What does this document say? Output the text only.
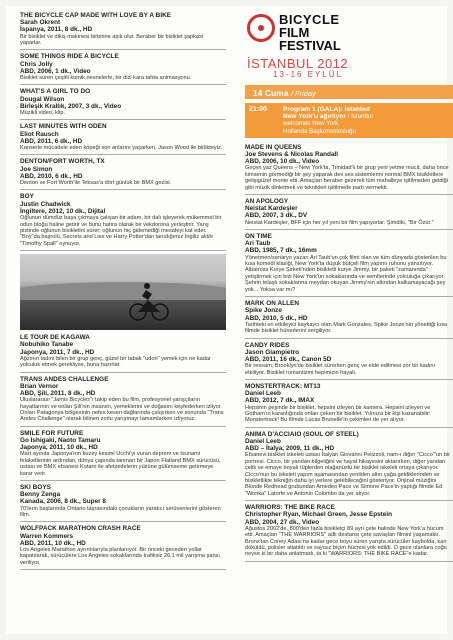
THE BICYCLE CAP MADE WITH LOVE BY A BIKE
Sarah Okrent
İspanya, 2011, 8 dk., HD
Bir bisiklet ve dikiş makinesi birbirine aşık olur. Beraber bir bisiklet şapkası yaparlar.
SOME THINGS RIDE A BICYCLE
Chris Jolly
ABD, 2006, 1 dk., Video
Bisiklet süren çeşitli komik nesnelerle, bir dizi kara tahta animasyonu.
WHAT'S A GIRL TO DO
Dougal Wilson
Birleşik Krallık, 2007, 3 dk., Video
Müzikli video, klip.
LAST MINUTES WITH ODEN
Eliot Rausch
ABD, 2011, 6 dk., HD
Kanserle mücadele eden köpeği son anlarını yaşarken, Jason Wood ile birlikteyiz.
DENTON/FORT WORTH, TX
Joe Simon
ABD, 2010, 6 dk., HD
Denton ve Fort Worth'ile Teksas'a dört günlük bir BMX gezisi.
BOY
Justin Chadwick
İngiltere, 2012, 10 dk., Dijital
Oğlunun dümdüz başa çıkmaya çalışan bir adam, bir dalı işleyerek mükemmel bir odun bloğu haline getirir ve bunu hatıra olarak bir vekdorona yerleştirir. Yarış pistinde oğlunun bisikletini sürer; oğlunun hiç gidemediği mesafeyi kat eder. "Boy"da başrolü, Secrets and Lies ve Harry Potter'dan tanıdığımız İngiliz aktör "Timothy Spall" oynuyor.
LE TOUR DE KAGAWA
Nobuhiko Tanabe
Japonya, 2011, 7 dk., HD
Ağzının tadını bilen bir grup genç, güzel bir tabak "udon" yemek için ne kadar yolculuk etmek gerekliyse, buna hazırlar.
TRANS ANDES CHALLENGE
Brian Vernor
ABD, Şili, 2011, 8 dk., HD
Uluslararası "Jamis Bicycles"ı takip eden bu film, profesyonel yarışçıların hayatlarının ve onları Şili'nin insanını, yemeklerini ve doğasını keşfederken izliyor. Onları Patagonya bölgesinin nefes kesen dağlarında çalışırken ve sonunda "Trans Andes Challenge" olarak bilinen zorlu yarışmayı tamamlarken izliyoruz.
SMILE FOR FUTURE
Go Ishigaki, Naoto Tamaru
Japonya, 2011, 10 dk., HD
Mart ayında Japonya'nın kuzey kesimi Ucchi'yi vuran deprem ve tsunami felaketlerinin ardından, dünya çapında tanınan bir Japon Flatland BMX sürücüsü, ustası ve BMX efsanesi Kotaro ile afetzedelerin yüzüne gülümseme getirmeye karar verir.
SKI BOYS
Benny Zenga
Kanada, 2006, 8 dk., Super 8
70'lerin başlarında Ontario taşrasındaki çocukların yaratıcı serüvenlerini gösteren film.
WOLFPACK MARATHON CRASH RACE
Warren Kommers
ABD, 2011, 10 dk., HD
Los Angeles Marathon ayrıntılarıyla planlanıyor. Bir önceki geceden yollar kapatılarak, sürücülere Los Angeles sokaklarında trafiksiz 26.1 mil yarışma şansı veriliyor.
BICYCLE
FILM
FESTIVAL
İSTANBUL 2012
13-16 EYLÜL
14 Cuma / Friday
21:00	Program 1 (GALA): İstanbul
New York'u ağırlıyor / Istanbul
welcomes New York
Hollanda Başkonsolosluğu
MADE IN QUEENS
Joe Stevens & Nicolas Randall
ABD, 2006, 10 dk., Video
Geçen yaz Queens – New York'ta, Trinidad'lı bir grup yeni yetme mucit, daha önce kimsenin görmediği bir şey yaparak dev ses sistemlerini normal BMX bisikletlere gelişigüzel monte etti. Amaçları beraber gezerek tüm mahalleye işitilmeden geldiği gibi müzik dinletmek ve teknikleri işitilmede parti vermekti.
AN APOLOGY
Neistat Kardeşler
ABD, 2007, 3 dk., DV
Neistat Kardeşler, BFF için her yıl yeni bir film yapıyorlar. Şimdiki, "Bir Özür."
ON TIME
Ari Taub
ABD, 1985, 7 dk., 16mm
Yönetmen/senaryo yazarı Ari Taub'un çok filmi olan ve tüm dünyada gösterilen bu kısa komedi klasiği, New York'ta düşük bütçeli film yapımı ruhunu yansıtıyor. Albatross Kurye Şirketi'nden bisikletli kurye Jimmy, bir paketi "zamanında" yetiştirmek için bizi New York'un sokaklarında ve semtlerinde yolculuğa çıkarıyor. Şehrin telaşlı sokaklarına meydan okuyan Jimmy'nin altından kalkamayacağı şey yok... Yoksa var mı?
MARK ON ALLEN
Spike Jonze
ABD, 2010, 5 dk., HD
Tarihteki en etkileyici kaykaycı olan Mark Gonzales, Spike Jonze'nin yönettiği kısa filmde bisiklet hünerlerini sergiliyor.
CANDY RIDES
Jason Giampietro
ABD, 2011, 16 dk., Canon 5D
Bir ressam, Brooklyn'de bisiklet sürerken genç ve elde edilmesi zor bir kadını etkiliyor. Bisiklet romantizmi hepimizin hayali.
MONSTERTRACK: MT13
Daniel Leeb
ABD, 2012, 7 dk., IMAX
Hepsinin peşinde bir bisiklet, hepsini izleyen bir kamera. Hepsini izleyen ve Gotham'ın karanlığında onları çeken bir bisiklet. Yılınıza bir kişi kazanabilir: Monstertrack! Bu filmde Lucas Brunelle'in çekimleri de yer alıyor.
ANIMA D'ACCIAIO (SOUL OF STEEL)
Daniel Leeb
ABD – İtalya, 2009, 11 dk., HD
Efsanevi bisiklet iskeleti ustası İtalyan Giovanni Pelizzoli, nam-ı diğer "Cicco"'un bir portresi. Cicco, bir yandan bilgeliğini ve hayat hikayesini aktarırken, diğer yandan çelik ve emaye boyalı tüplerden olağanüstü bir bisiklet iskeleti ortaya çıkarıyor. Cicco'nun bu iskeleti yapım aşamasından yenilden altın çağa geldiklerinden ve bisikletlikte tekniğin daha iyi yerlere gelebileceğini gösteriyor. Orijinal müziğini Blonde Redhead grubundan Amedeo Pace ve Simone Pace'in yaptığı filmde Ed "Wonka" Latorfe ve Antonio Colombo da yer alıyor.
WARRIORS: THE BIKE RACE
Christopher Ryan, Michael Green, Jesse Epstein
ABD, 2004, 27 dk., Video
Ağustos 2002'de, 800'den fazla bisikletçi 89 ayrı çete halinde New York'a hücum etti. Amaçları "THE WARRIORS" adlı destansı çete savaşları filmini yaşamaktı. Bronx'tan Coney Adası'na kadar gece boyu süren yarışta sürücüler kaybolda, kan döküldü, polisler atlatıldı ve sayısız biçim hücresi yok edildi. O gece olanlara coğu neyse ki bir daha anlatmadı, ta ki "WARRIORS: THE BIKE RACE"e kadar.
